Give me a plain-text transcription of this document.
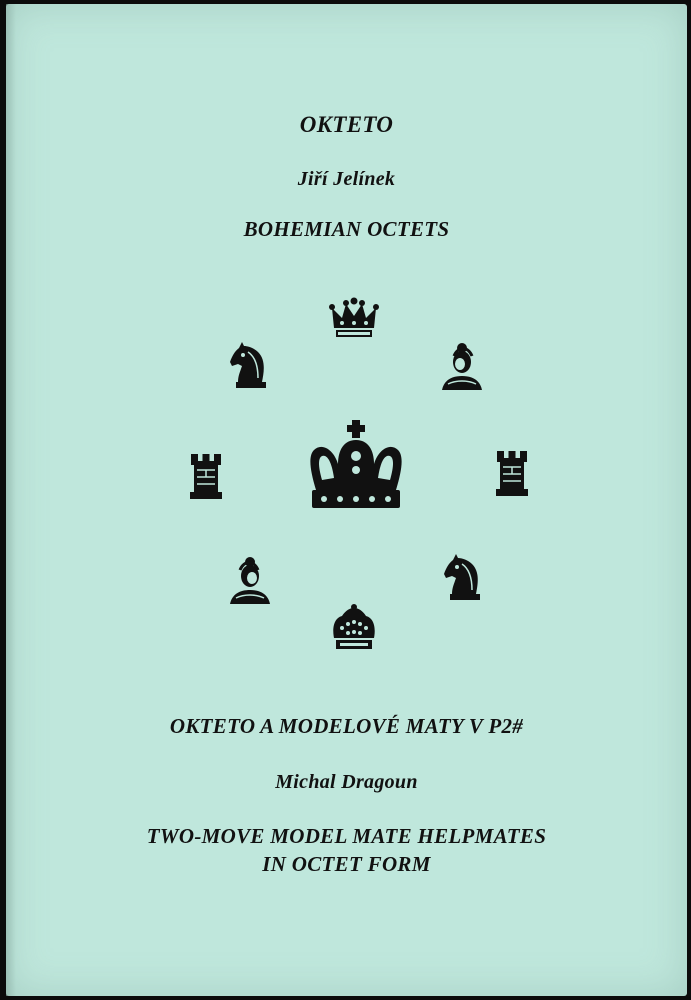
OKTETO
Jiří Jelínek
BOHEMIAN OCTETS
OKTETO A MODELOVÉ MATY V P2#
Michal Dragoun
TWO-MOVE MODEL MATE HELPMATES
IN OCTET FORM
